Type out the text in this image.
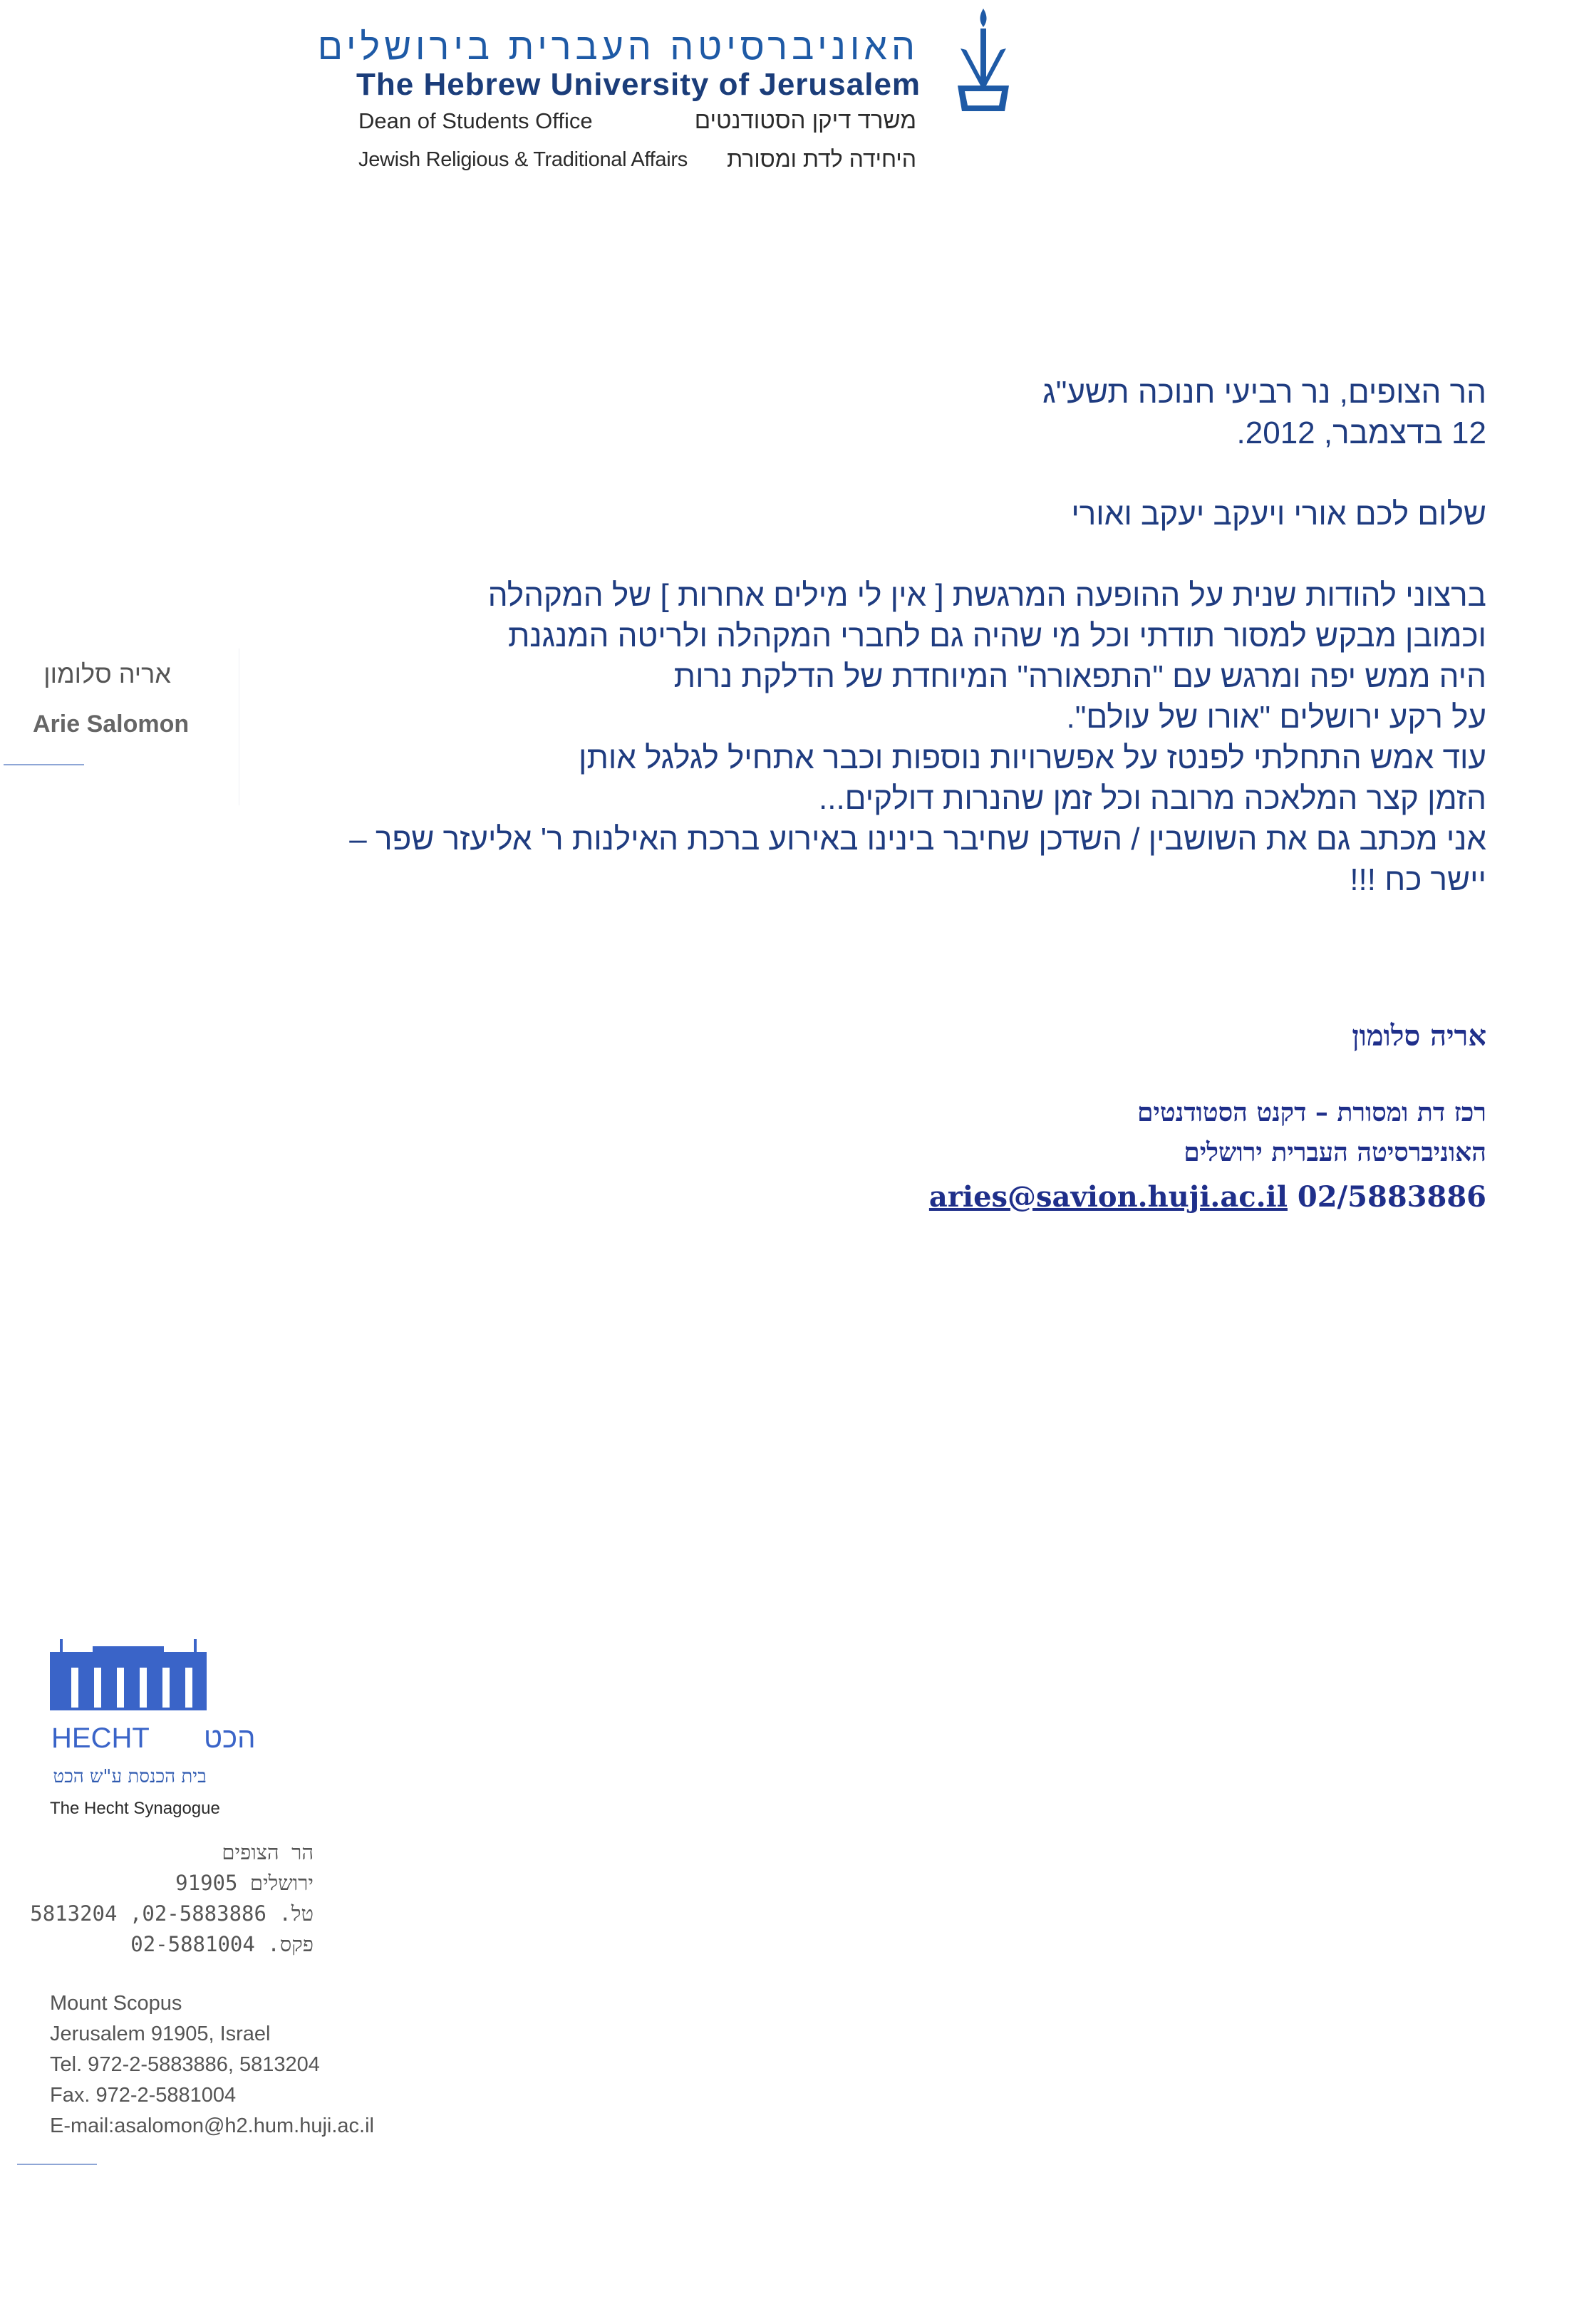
האוניברסיטה העברית בירושלים
The Hebrew University of Jerusalem
Dean of Students Office	משרד דיקן הסטודנטים
Jewish Religious & Traditional Affairs היחידה לדת ומסורת
אריה סלומון
Arie Salomon
הר הצופים, נר רביעי חנוכה תשע"ג
12 בדצמבר, 2012.
שלום לכם אורי ויעקב יעקב ואורי
ברצוני להודות שנית על ההופעה המרגשת [ אין לי מילים אחרות ] של המקהלה
וכמובן מבקש למסור תודתי וכל מי שהיה גם לחברי המקהלה ולריטה המנגנת
היה ממש יפה ומרגש עם "התפאורה" המיוחדת של הדלקת נרות
על רקע ירושלים "אורו של עולם".
עוד אמש התחלתי לפנטז על אפשרויות נוספות וכבר אתחיל לגלגל אותן
הזמן קצר המלאכה מרובה וכל זמן שהנרות דולקים...
אני מכתב גם את השושבין / השדכן שחיבר בינינו באירוע ברכת האילנות ר' אליעזר שפר –
יישר כח !!!
אריה סלומון
רכז דת ומסורת – דקנט הסטודנטים
האוניברסיטה העברית ירושלים
aries@savion.huji.ac.il 02/5883886
HECHT הכט
בית הכנסת ע"ש הכט
The Hecht Synagogue
הר הצופים
ירושלים 91905
טל. 02-5883886, 5813204
פקס. 02-5881004
Mount Scopus
Jerusalem 91905, Israel
Tel. 972-2-5883886, 5813204
Fax. 972-2-5881004
E-mail:asalomon@h2.hum.huji.ac.il
